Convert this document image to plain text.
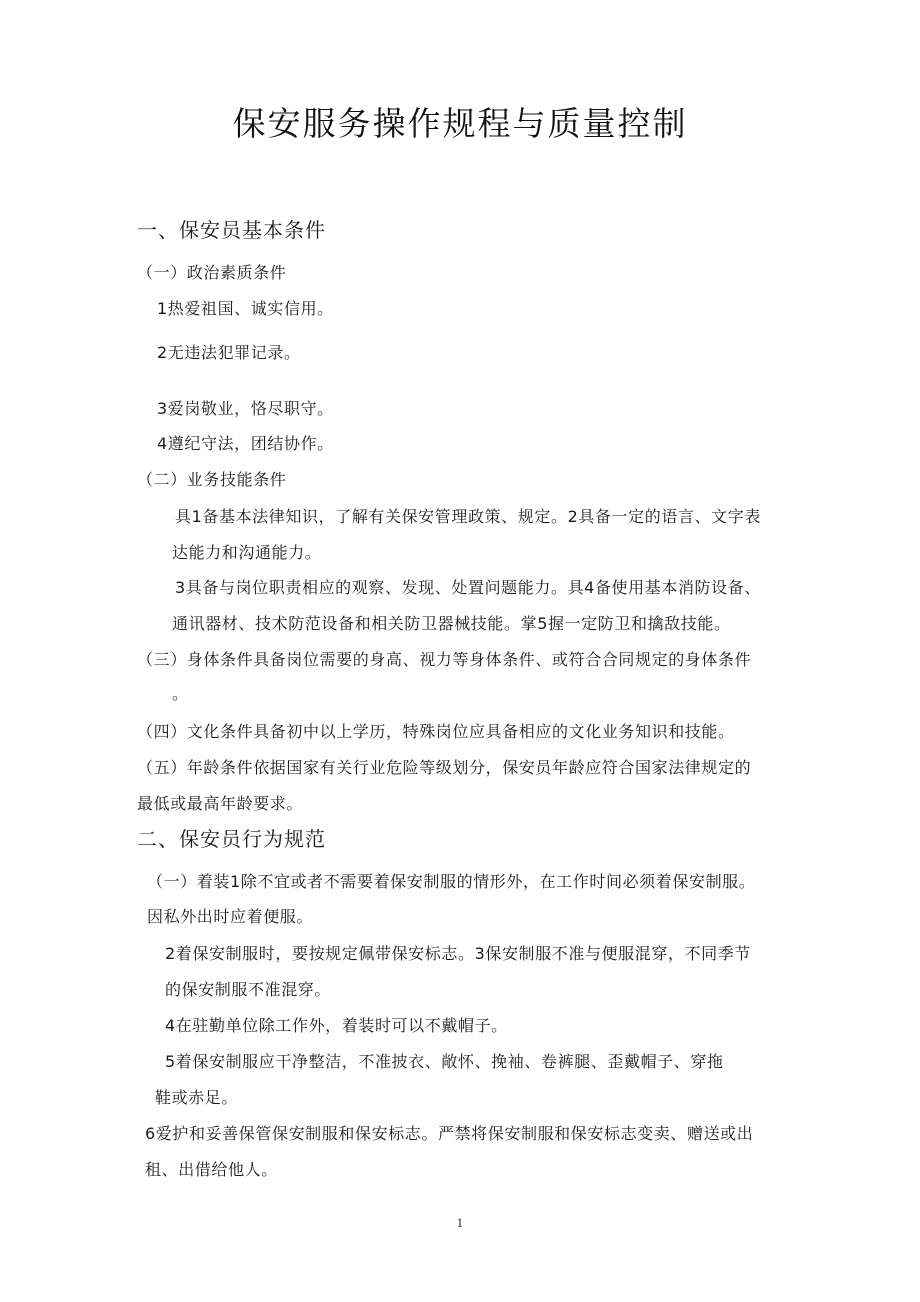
保安服务操作规程与质量控制
一、保安员基本条件
（一）政治素质条件
1热爱祖国、诚实信用。
2无违法犯罪记录。
3爱岗敬业，恪尽职守。
4遵纪守法，团结协作。
（二）业务技能条件
具1备基本法律知识，了解有关保安管理政策、规定。2具备一定的语言、文字表
达能力和沟通能力。
3具备与岗位职责相应的观察、发现、处置问题能力。具4备使用基本消防设备、
通讯器材、技术防范设备和相关防卫器械技能。掌5握一定防卫和擒敌技能。
（三）身体条件具备岗位需要的身高、视力等身体条件、或符合合同规定的身体条件
。
（四）文化条件具备初中以上学历，特殊岗位应具备相应的文化业务知识和技能。
（五）年龄条件依据国家有关行业危险等级划分，保安员年龄应符合国家法律规定的
最低或最高年龄要求。
二、保安员行为规范
（一）着装1除不宜或者不需要着保安制服的情形外，在工作时间必须着保安制服。
因私外出时应着便服。
2着保安制服时，要按规定佩带保安标志。3保安制服不准与便服混穿，不同季节
的保安制服不准混穿。
4在驻勤单位除工作外，着装时可以不戴帽子。
5着保安制服应干净整洁，不准披衣、敞怀、挽袖、卷裤腿、歪戴帽子、穿拖
鞋或赤足。
6爱护和妥善保管保安制服和保安标志。严禁将保安制服和保安标志变卖、赠送或出
租、出借给他人。
1
